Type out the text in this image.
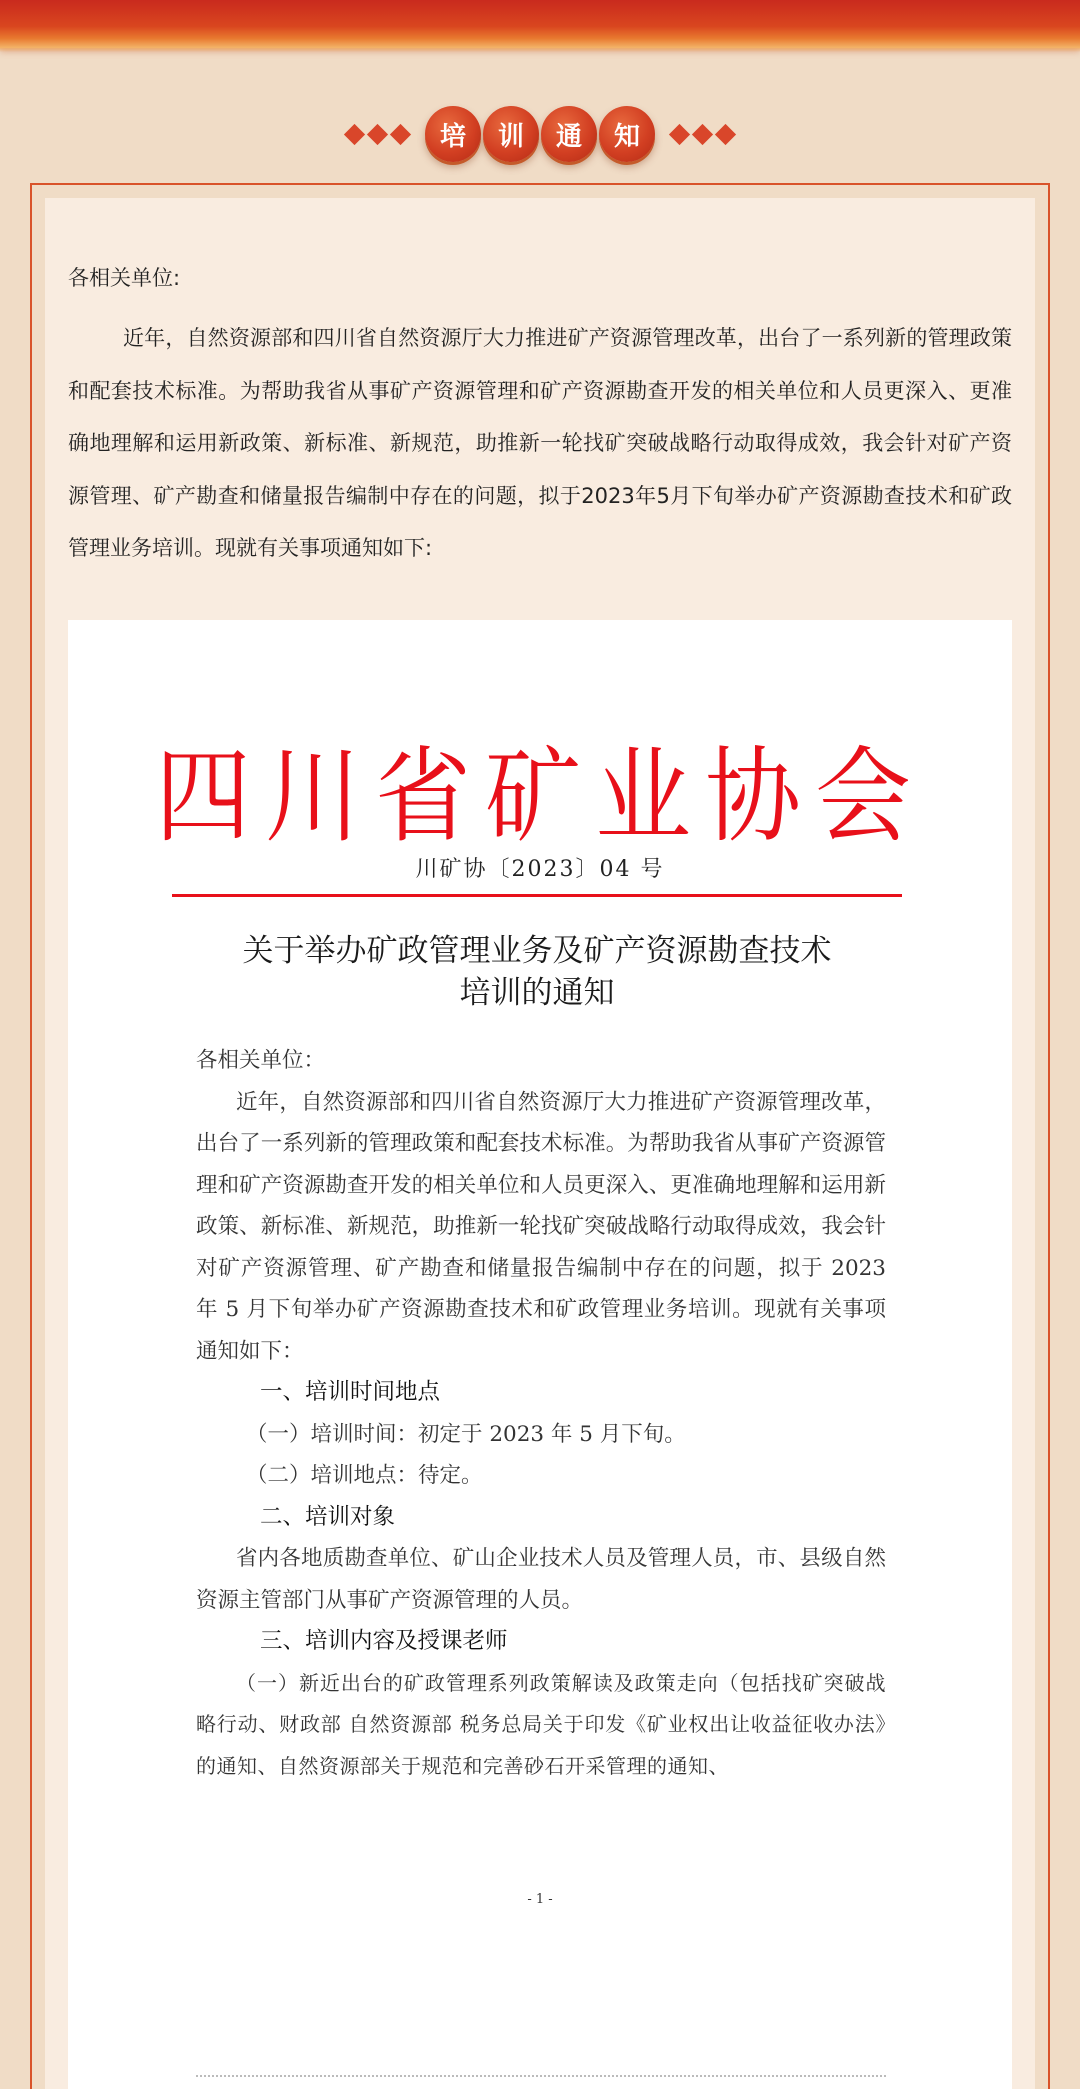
培	训	通	知
各相关单位:

近年，自然资源部和四川省自然资源厅大力推进矿产资源管理改革，出台了一系列新的管理政策和配套技术标准。为帮助我省从事矿产资源管理和矿产资源勘查开发的相关单位和人员更深入、更准确地理解和运用新政策、新标准、新规范，助推新一轮找矿突破战略行动取得成效，我会针对矿产资源管理、矿产勘查和储量报告编制中存在的问题，拟于2023年5月下旬举办矿产资源勘查技术和矿政管理业务培训。现就有关事项通知如下:

四川省矿业协会
川矿协〔2023〕04 号
关于举办矿政管理业务及矿产资源勘查技术
培训的通知
各相关单位：

近年，自然资源部和四川省自然资源厅大力推进矿产资源管理改革，出台了一系列新的管理政策和配套技术标准。为帮助我省从事矿产资源管理和矿产资源勘查开发的相关单位和人员更深入、更准确地理解和运用新政策、新标准、新规范，助推新一轮找矿突破战略行动取得成效，我会针对矿产资源管理、矿产勘查和储量报告编制中存在的问题，拟于 2023 年 5 月下旬举办矿产资源勘查技术和矿政管理业务培训。现就有关事项通知如下：

一、培训时间地点
（一）培训时间：初定于 2023 年 5 月下旬。
（二）培训地点：待定。
二、培训对象

省内各地质勘查单位、矿山企业技术人员及管理人员，市、县级自然资源主管部门从事矿产资源管理的人员。

三、培训内容及授课老师

（一）新近出台的矿政管理系列政策解读及政策走向（包括找矿突破战略行动、财政部 自然资源部 税务总局关于印发《矿业权出让收益征收办法》的通知、自然资源部关于规范和完善砂石开采管理的通知、

- 1 -
